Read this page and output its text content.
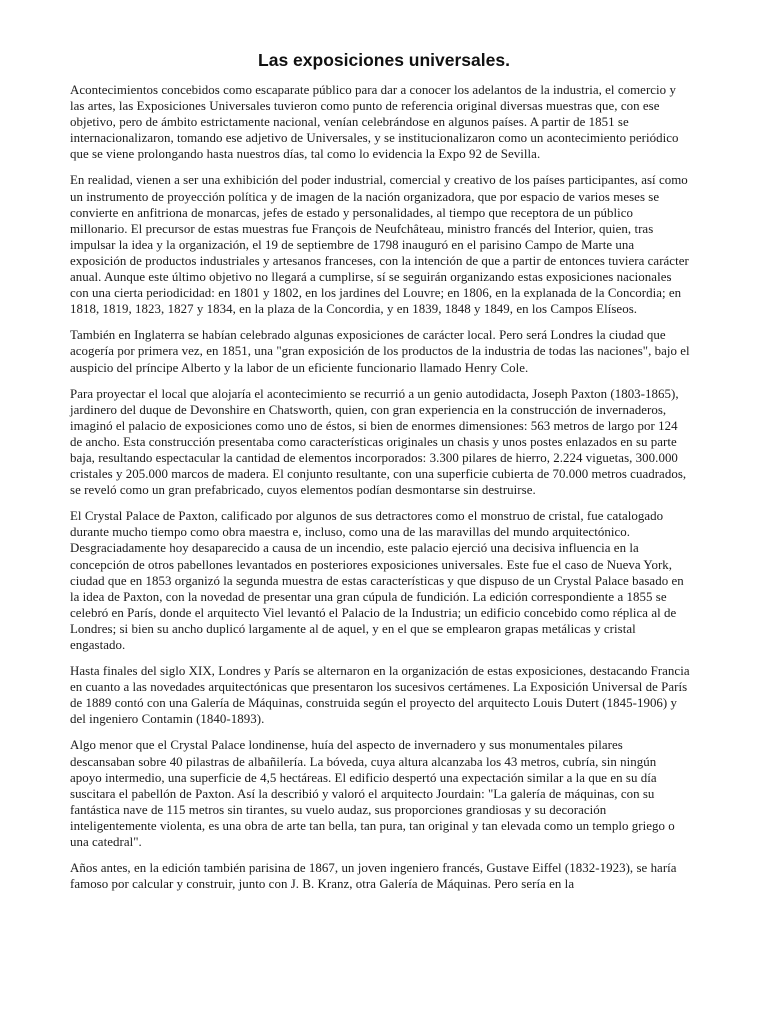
Las exposiciones universales.

Acontecimientos concebidos como escaparate público para dar a conocer los adelantos de la industria, el comercio y las artes, las Exposiciones Universales tuvieron como punto de referencia original diversas muestras que, con ese objetivo, pero de ámbito estrictamente nacional, venían celebrándose en algunos países. A partir de 1851 se internacionalizaron, tomando ese adjetivo de Universales, y se institucionalizaron como un acontecimiento periódico que se viene prolongando hasta nuestros días, tal como lo evidencia la Expo 92 de Sevilla.

En realidad, vienen a ser una exhibición del poder industrial, comercial y creativo de los países participantes, así como un instrumento de proyección política y de imagen de la nación organizadora, que por espacio de varios meses se convierte en anfitriona de monarcas, jefes de estado y personalidades, al tiempo que receptora de un público millonario. El precursor de estas muestras fue François de Neufchâteau, ministro francés del Interior, quien, tras impulsar la idea y la organización, el 19 de septiembre de 1798 inauguró en el parisino Campo de Marte una exposición de productos industriales y artesanos franceses, con la intención de que a partir de entonces tuviera carácter anual. Aunque este último objetivo no llegará a cumplirse, sí se seguirán organizando estas exposiciones nacionales con una cierta periodicidad: en 1801 y 1802, en los jardines del Louvre; en 1806, en la explanada de la Concordia; en 1818, 1819, 1823, 1827 y 1834, en la plaza de la Concordia, y en 1839, 1848 y 1849, en los Campos Elíseos.

También en Inglaterra se habían celebrado algunas exposiciones de carácter local. Pero será Londres la ciudad que acogería por primera vez, en 1851, una "gran exposición de los productos de la industria de todas las naciones", bajo el auspicio del príncipe Alberto y la labor de un eficiente funcionario llamado Henry Cole.

Para proyectar el local que alojaría el acontecimiento se recurrió a un genio autodidacta, Joseph Paxton (1803-1865), jardinero del duque de Devonshire en Chatsworth, quien, con gran experiencia en la construcción de invernaderos, imaginó el palacio de exposiciones como uno de éstos, si bien de enormes dimensiones: 563 metros de largo por 124 de ancho. Esta construcción presentaba como características originales un chasis y unos postes enlazados en su parte baja, resultando espectacular la cantidad de elementos incorporados: 3.300 pilares de hierro, 2.224 viguetas, 300.000 cristales y 205.000 marcos de madera. El conjunto resultante, con una superficie cubierta de 70.000 metros cuadrados, se reveló como un gran prefabricado, cuyos elementos podían desmontarse sin destruirse.

El Crystal Palace de Paxton, calificado por algunos de sus detractores como el monstruo de cristal, fue catalogado durante mucho tiempo como obra maestra e, incluso, como una de las maravillas del mundo arquitectónico. Desgraciadamente hoy desaparecido a causa de un incendio, este palacio ejerció una decisiva influencia en la concepción de otros pabellones levantados en posteriores exposiciones universales. Este fue el caso de Nueva York, ciudad que en 1853 organizó la segunda muestra de estas características y que dispuso de un Crystal Palace basado en la idea de Paxton, con la novedad de presentar una gran cúpula de fundición. La edición correspondiente a 1855 se celebró en París, donde el arquitecto Viel levantó el Palacio de la Industria; un edificio concebido como réplica al de Londres; si bien su ancho duplicó largamente al de aquel, y en el que se emplearon grapas metálicas y cristal engastado.

Hasta finales del siglo XIX, Londres y París se alternaron en la organización de estas exposiciones, destacando Francia en cuanto a las novedades arquitectónicas que presentaron los sucesivos certámenes. La Exposición Universal de París de 1889 contó con una Galería de Máquinas, construida según el proyecto del arquitecto Louis Dutert (1845-1906) y del ingeniero Contamin (1840-1893).

Algo menor que el Crystal Palace londinense, huía del aspecto de invernadero y sus monumentales pilares descansaban sobre 40 pilastras de albañilería. La bóveda, cuya altura alcanzaba los 43 metros, cubría, sin ningún apoyo intermedio, una superficie de 4,5 hectáreas. El edificio despertó una expectación similar a la que en su día suscitara el pabellón de Paxton. Así la describió y valoró el arquitecto Jourdain: "La galería de máquinas, con su fantástica nave de 115 metros sin tirantes, su vuelo audaz, sus proporciones grandiosas y su decoración inteligentemente violenta, es una obra de arte tan bella, tan pura, tan original y tan elevada como un templo griego o una catedral".

Años antes, en la edición también parisina de 1867, un joven ingeniero francés, Gustave Eiffel (1832-1923), se haría famoso por calcular y construir, junto con J. B. Kranz, otra Galería de Máquinas. Pero sería en la
